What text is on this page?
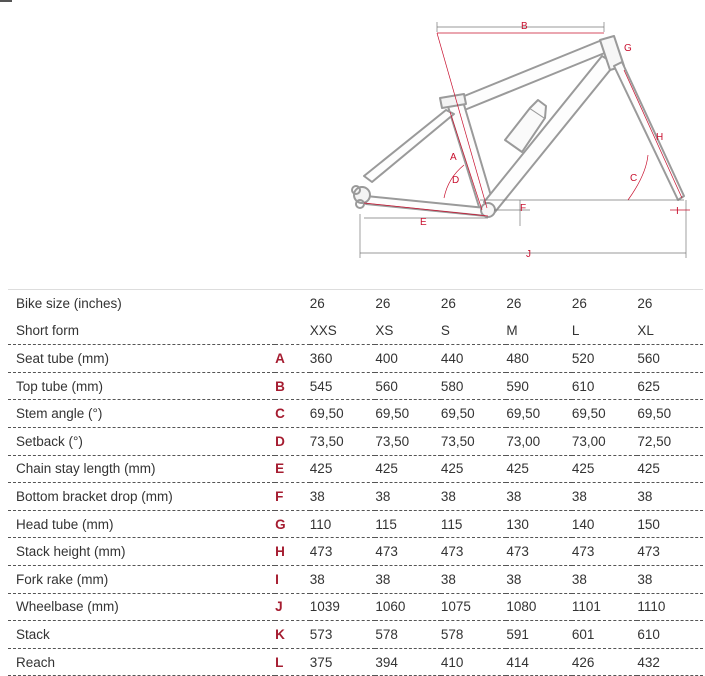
B
A
C
D
E
F
G
H
I
J
Bike size (inches)		26	26	26	26	26	26
Short form		XXS	XS	S	M	L	XL
Seat tube (mm)	A	360	400	440	480	520	560
Top tube (mm)	B	545	560	580	590	610	625
Stem angle (°)	C	69,50	69,50	69,50	69,50	69,50	69,50
Setback (°)	D	73,50	73,50	73,50	73,00	73,00	72,50
Chain stay length (mm)	E	425	425	425	425	425	425
Bottom bracket drop (mm)	F	38	38	38	38	38	38
Head tube (mm)	G	110	115	115	130	140	150
Stack height (mm)	H	473	473	473	473	473	473
Fork rake (mm)	I	38	38	38	38	38	38
Wheelbase (mm)	J	1039	1060	1075	1080	1101	1110
Stack	K	573	578	578	591	601	610
Reach	L	375	394	410	414	426	432
